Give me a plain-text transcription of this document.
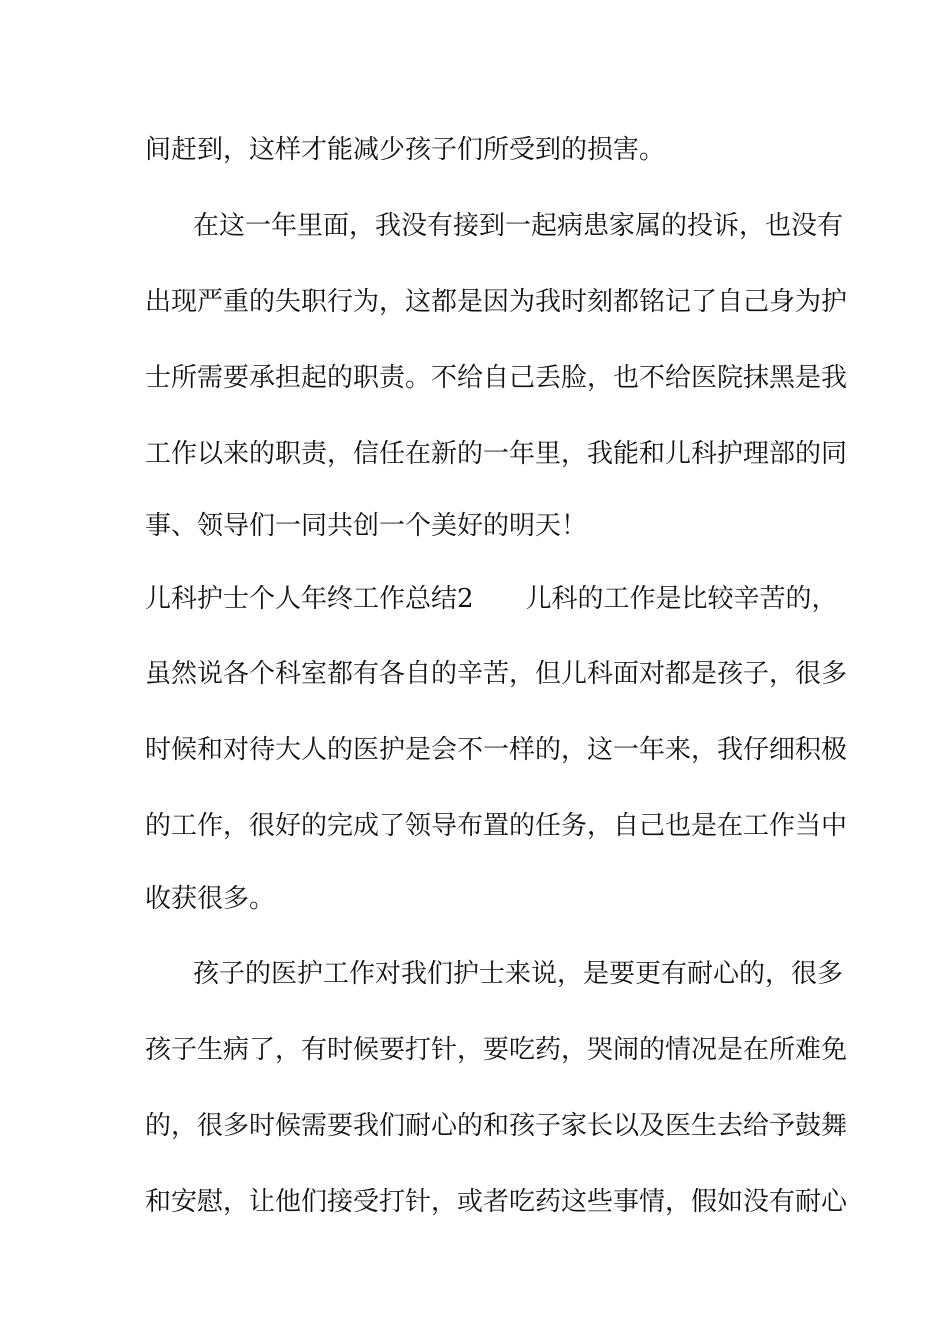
间赶到，这样才能减少孩子们所受到的损害。
在这一年里面，我没有接到一起病患家属的投诉，也没有
出现严重的失职行为，这都是因为我时刻都铭记了自己身为护
士所需要承担起的职责。不给自己丢脸，也不给医院抹黑是我
工作以来的职责，信任在新的一年里，我能和儿科护理部的同
事、领导们一同共创一个美好的明天！
儿科护士个人年终工作总结2 儿科的工作是比较辛苦的，
虽然说各个科室都有各自的辛苦，但儿科面对都是孩子，很多
时候和对待大人的医护是会不一样的，这一年来，我仔细积极
的工作，很好的完成了领导布置的任务，自己也是在工作当中
收获很多。
孩子的医护工作对我们护士来说，是要更有耐心的，很多
孩子生病了，有时候要打针，要吃药，哭闹的情况是在所难免
的，很多时候需要我们耐心的和孩子家长以及医生去给予鼓舞
和安慰，让他们接受打针，或者吃药这些事情，假如没有耐心
